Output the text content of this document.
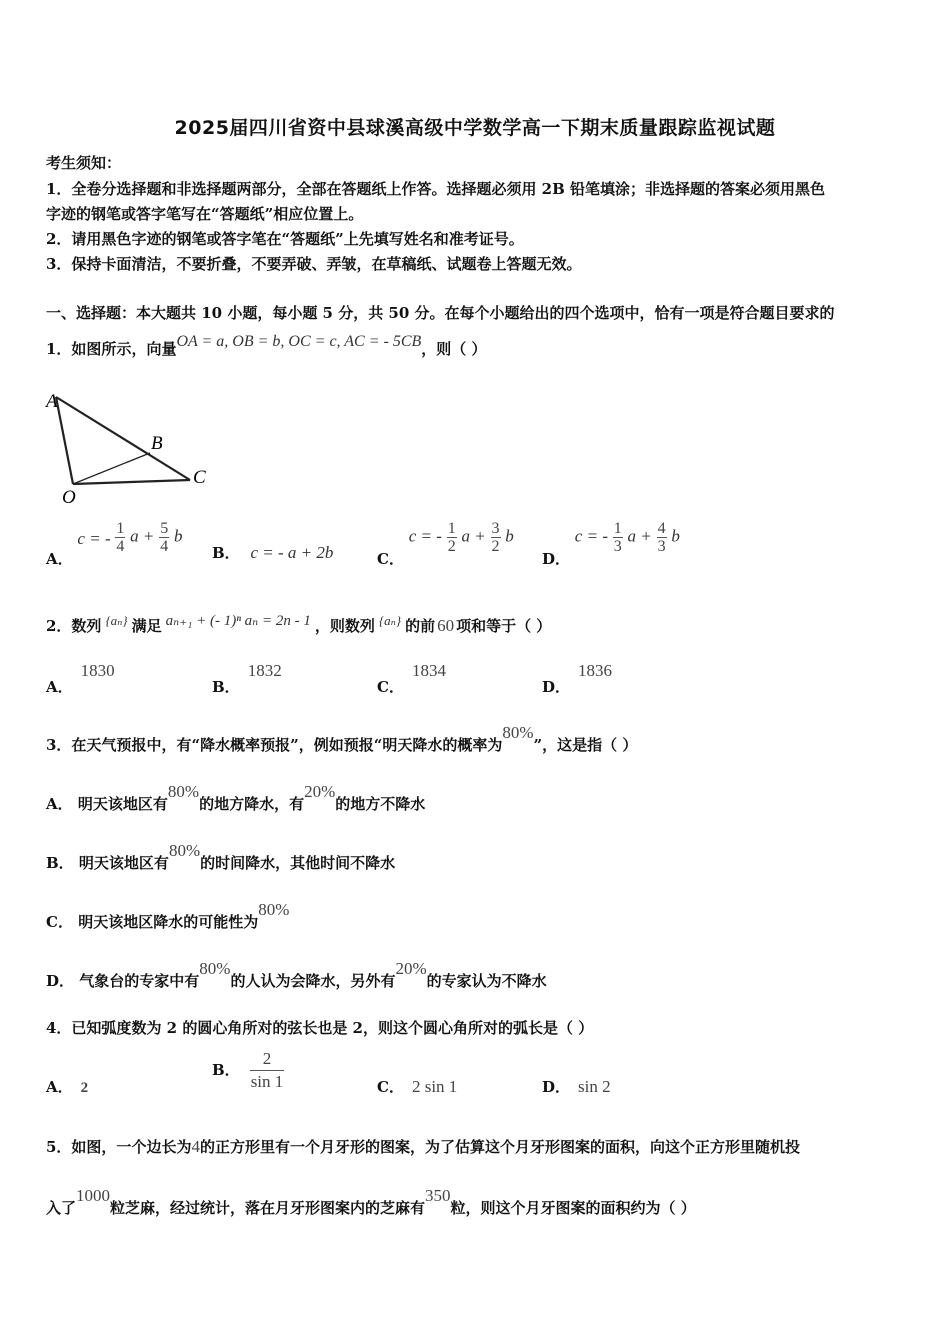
2025届四川省资中县球溪高级中学数学高一下期末质量跟踪监视试题
考生须知：
1．全卷分选择题和非选择题两部分，全部在答题纸上作答。选择题必须用 2B 铅笔填涂；非选择题的答案必须用黑色
字迹的钢笔或答字笔写在“答题纸”相应位置上。
2．请用黑色字迹的钢笔或答字笔在“答题纸”上先填写姓名和准考证号。
3．保持卡面清洁，不要折叠，不要弄破、弄皱，在草稿纸、试题卷上答题无效。
一、选择题：本大题共 10 小题，每小题 5 分，共 50 分。在每个小题给出的四个选项中，恰有一项是符合题目要求的
1．如图所示，向量OA = a, OB = b, OC = c, AC = - 5CB，则（ ）
A
B
C
O
A． c = - $\frac{1}{4}$ $a + \frac{5}{4}$ b
B． c = - a + 2b	C． c = - $\frac{1}{2}$ $a + \frac{3}{2}$ b
D． c = - $\frac{1}{3}$ $a + \frac{4}{3}$ b
2．数列 {aₙ} 满足 aₙ₊₁ + (- 1)ⁿ aₙ = 2n - 1 ，则数列 {aₙ} 的前 60 项和等于（ ）
A．1830
B．1832
C．1834
D．1836
3．在天气预报中，有“降水概率预报”，例如预报“明天降水的概率为80%”，这是指（ ）
A． 明天该地区有80%的地方降水，有20%的地方不降水
B． 明天该地区有80%的时间降水，其他时间不降水
C． 明天该地区降水的可能性为80%
D． 气象台的专家中有80%的人认为会降水，另外有20%的专家认为不降水
4．已知弧度数为 2 的圆心角所对的弦长也是 2，则这个圆心角所对的弧长是（ ）
A． 2
B． $\frac{2}{\sin 1}$	C． 2 sin 1	D． sin 2
5．如图，一个边长为4的正方形里有一个月牙形的图案，为了估算这个月牙形图案的面积，向这个正方形里随机投
入了1000粒芝麻，经过统计，落在月牙形图案内的芝麻有350粒，则这个月牙图案的面积约为（ ）
